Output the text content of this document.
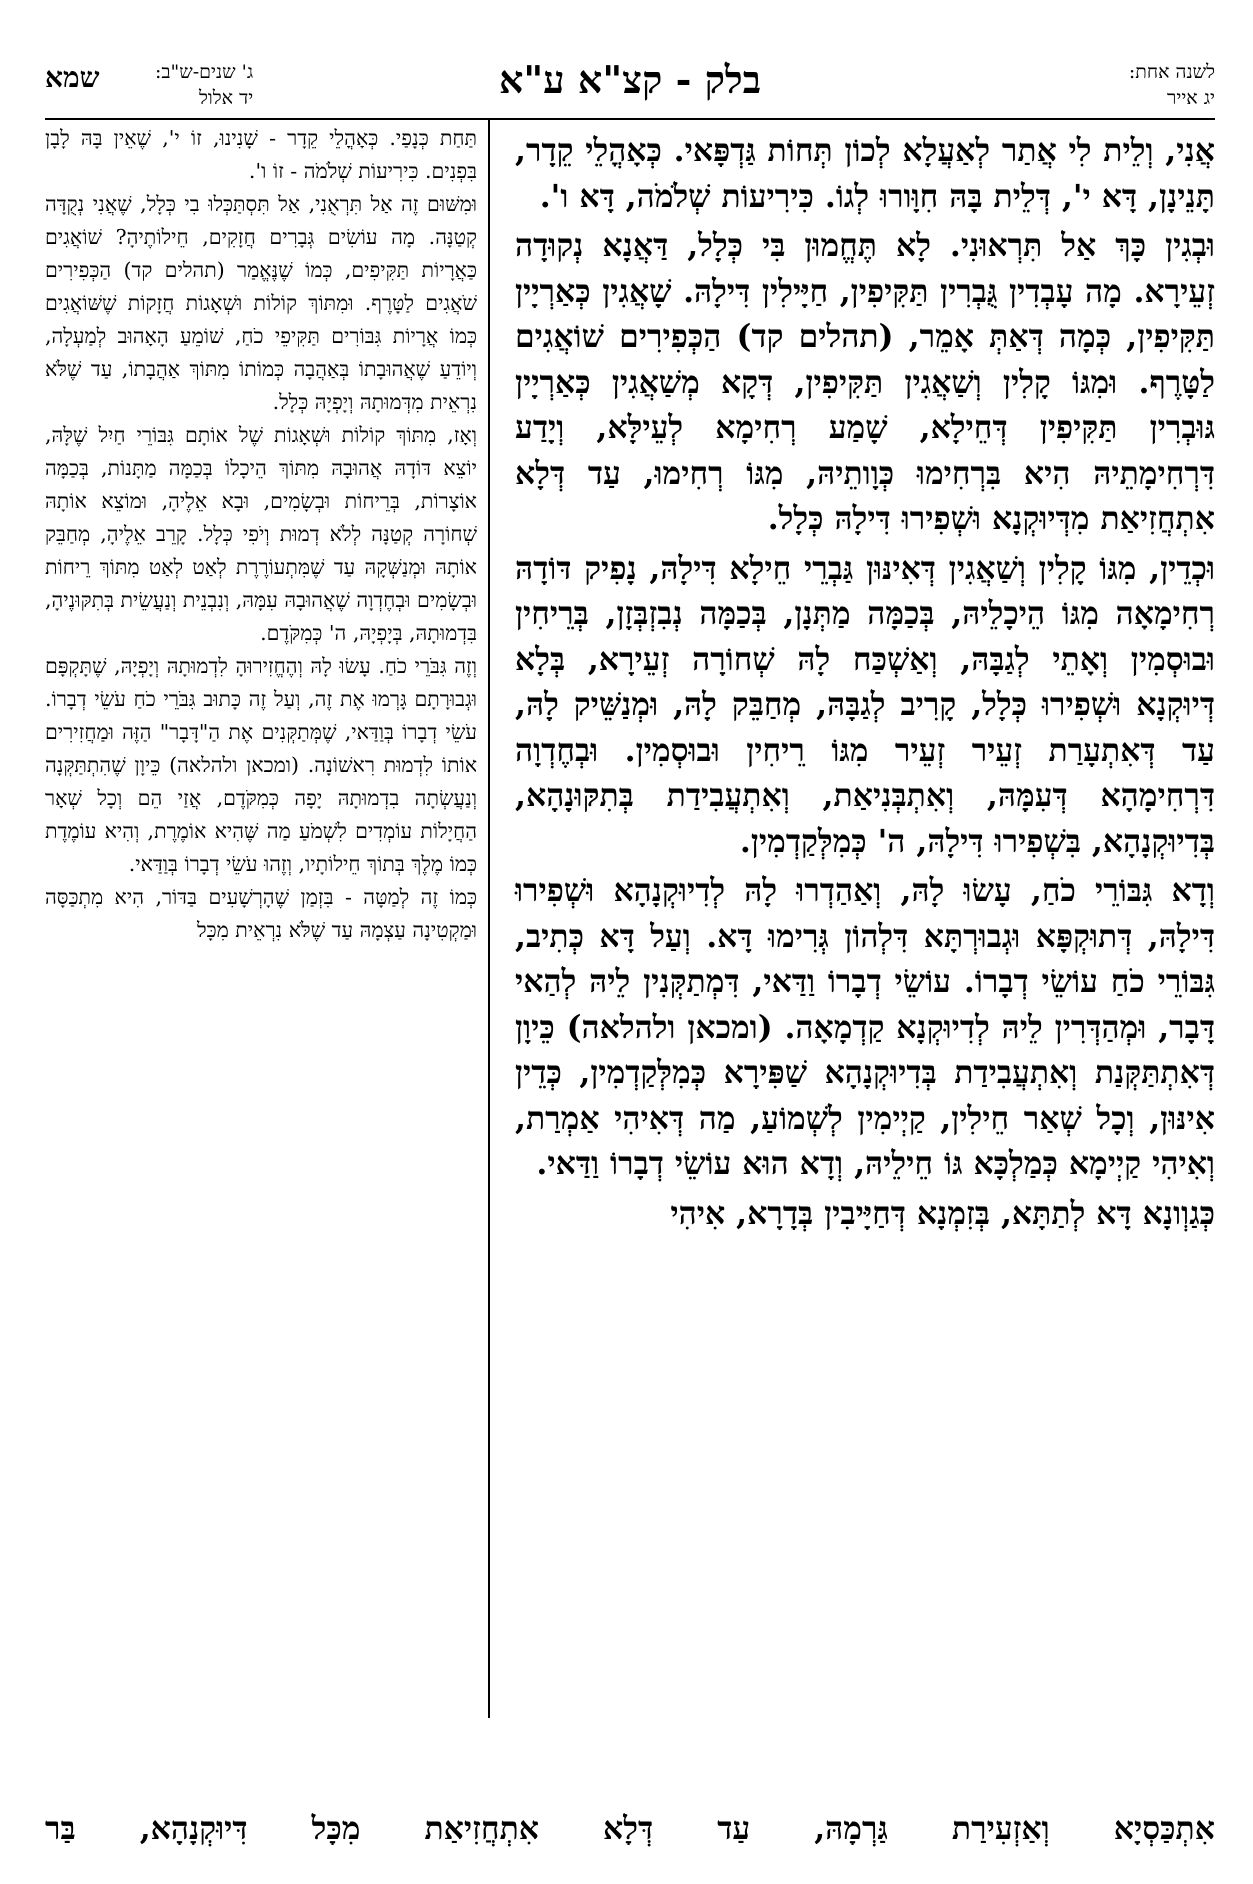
לשנה אחת:
יג אייר
בלק - קצ"א ע"א
ג' שנים-ש"ב:
יד אלול
שמא

אֲנִי, וְלֵית לִי אֲתַר לְאַעֲלָא לְכוֹן תְּחוֹת גַּדְפָּאי. כְּאָהֳלֵי קֵדָר, תָּנֵינָן, דָּא י', דְּלֵית בָּהּ חִוָּורוּ לְגוֹ. כִּירִיעוֹת שְׁלֹמֹה, דָּא ו'.

וּבְגִין כָּךְ אַל תִּרְאוּנִי. לָא תֶּחֱמוּן בִּי כְּלָל, דַּאֲנָא נְקוּדָה זְעֵירָא. מָה עָבְדִין גֻּבְרִין תַּקִּיפִין, חַיָּילִין דִּילָהּ. שָׁאֲגִין כְּאַרְיָין תַּקִּיפִין, כְּמָה דְּאַתְּ אָמֵר, (תהלים קד) הַכְּפִירִים שׁוֹאֲגִים לַטָּרֶף. וּמִגּוֹ קָלִין וְשַׁאֲגִין תַּקִּיפִין, דְּקָא מְשַׁאֲגִין כְּאַרְיָין גּוּבְרִין תַּקִּיפִין דְּחֵילָא, שָׁמַע רְחִימָא לְעֵילָּא, וְיָדַע דִּרְחִימָתֵיהּ הִיא בִּרְחִימוּ כְּוָותֵיהּ, מִגּוֹ רְחִימוּ, עַד דְּלָא אִתְחֲזִיאַת מִדְּיוּקְנָא וּשְׁפִירוּ דִּילָהּ כְּלָל.

וּכְדֵין, מִגּוֹ קָלִין וְשַׁאֲגִין דְּאִינּוּן גַּבְרֵי חֵילָא דִּילָהּ, נָפִיק דּוֹדָהּ רְחִימָאָה מִגּוֹ הֵיכָלֵיהּ, בְּכַמָּה מַתְּנָן, בְּכַמָּה נְבִזְבְּזָן, בְּרֵיחִין וּבוּסְמִין וְאָתֵי לְגַבָּהּ, וְאַשְׁכַּח לָהּ שְׁחוֹרָה זְעֵירָא, בְּלָא דְּיוּקְנָא וּשְׁפִירוּ כְּלָל, קָרִיב לְגַבָּהּ, מְחַבֵּק לָהּ, וּמְנַשֵּׁיק לָהּ, עַד דְּאִתְעָרַת זְעֵיר זְעֵיר מִגּוֹ רֵיחִין וּבוּסְמִין. וּבְחֶדְוָה דִּרְחִימָהָא דְּעִמָּהּ, וְאִתְבְּנִיאַת, וְאִתְעֲבִידַת בְּתִקּוּנָהָא, בְּדִיוּקְנָהָא, בִּשְׁפִירוּ דִּילָהּ, ה' כְּמִלְּקַדְמִין.

וְדָא גִּבּוֹרֵי כֹחַ, עָשׂוּ לָהּ, וְאַהַדְרוּ לָהּ לְדִיוּקְנָהָא וּשְׁפִירוּ דִּילָהּ, דְּתוּקְפָּא וּגְבוּרְתָּא דִּלְהוֹן גְּרִימוּ דָּא. וְעַל דָּא כְּתִיב, גִּבּוֹרֵי כֹחַ עוֹשֵׂי דְבָרוֹ. עוֹשֵׂי דְבָרוֹ וַדַּאי, דִּמְתַקְּנִין לֵיהּ לְהַאי דָּבָר, וּמְהַדְּרִין לֵיהּ לְדִיוּקְנָא קַדְמָאָה. (ומכאן ולהלאה) כֵּיוָן דְּאִתְתַּקְּנַת וְאִתְעֲבִידַת בְּדִיוּקְנָהָא שַׁפִּירָא כְּמִלְּקַדְמִין, כְּדֵין אִינּוּן, וְכָל שְׁאַר חֵילִין, קַיְימִין לְשְׁמוֹעַ, מַה דְּאִיהִי אַמְרַת, וְאִיהִי קַיְימָא כְּמַלְכָּא גּוֹ חֵילֵיהּ, וְדָא הוּא עוֹשֵׂי דְבָרוֹ וַדַּאי.

כְּגַוְונָא דָּא לְתַתָּא, בְּזִמְנָא דְּחַיָּיבִין בְּדָרָא, אִיהִי

תַּחַת כְּנָפַי. כְּאָהֳלֵי קֵדָר - שָׁנִינוּ, זוֹ י', שֶׁאֵין בָּהּ לָבָן בִּפְנִים. כִּירִיעוֹת שְׁלֹמֹה - זוֹ ו'.

וּמִשּׁוּם זֶה אַל תִּרְאֻנִי, אַל תִּסְתַּכְּלוּ בִי כְּלָל, שֶׁאֲנִי נְקֻדָּה קְטַנָּה. מָה עוֹשִׂים גְּבָרִים חֲזָקִים, חֵילוֹתֶיהָ? שׁוֹאֲגִים כַּאֲרָיוֹת תַּקִּיפִים, כְּמוֹ שֶׁנֶּאֱמַר (תהלים קד) הַכְּפִירִים שֹׁאֲגִים לַטָּרֶף. וּמִתּוֹךְ קוֹלוֹת וּשְׁאָגוֹת חֲזָקוֹת שֶׁשּׁוֹאֲגִים כְּמוֹ אֲרָיוֹת גִּבּוֹרִים תַּקִּיפֵי כֹחַ, שׁוֹמֵעַ הָאָהוּב לְמַעְלָה, וְיוֹדֵעַ שֶׁאֲהוּבָתוֹ בְּאַהֲבָה כְּמוֹתוֹ מִתּוֹךְ אַהֲבָתוֹ, עַד שֶׁלֹּא נִרְאֵית מִדְּמוּתָהּ וְיָפְיָהּ כְּלָל.

וְאָז, מִתּוֹךְ קוֹלוֹת וּשְׁאָגוֹת שֶׁל אוֹתָם גִּבּוֹרֵי חַיִל שֶׁלָּהּ, יוֹצֵא דּוֹדָהּ אֲהוּבָהּ מִתּוֹךְ הֵיכָלוֹ בְּכַמָּה מַתָּנוֹת, בְּכַמָּה אוֹצָרוֹת, בְּרֵיחוֹת וּבְשָׂמִים, וּבָא אֵלֶיהָ, וּמוֹצֵא אוֹתָהּ שְׁחוֹרָה קְטַנָּה לְלֹא דְמוּת וְיֹפִי כְּלָל. קָרֵב אֵלֶיהָ, מְחַבֵּק אוֹתָהּ וּמְנַשְּׁקָהּ עַד שֶׁמִּתְעוֹרֶרֶת לְאַט לְאַט מִתּוֹךְ רֵיחוֹת וּבְשָׂמִים וּבְחֶדְוָה שֶׁאֲהוּבָהּ עִמָּהּ, וְנִבְנֵית וְנַעֲשֵׂית בְּתִקּוּנֶיהָ, בִּדְמוּתָהּ, בְּיָפְיָהּ, ה' כְּמִקֹּדֶם.

וְזֶה גִּבֹּרֵי כֹחַ. עָשׂוּ לָהּ וְהֶחֱזִירוּהָ לִדְמוּתָהּ וְיָפְיָהּ, שֶׁתָּקְפָּם וּגְבוּרָתָם גָּרְמוּ אֶת זֶה, וְעַל זֶה כָּתוּב גִּבֹּרֵי כֹחַ עֹשֵׂי דְבָרוֹ. עֹשֵׂי דְבָרוֹ בְּוַדַּאי, שֶׁמְּתַקְּנִים אֶת הַ"דָּבָר" הַזֶּה וּמַחֲזִירִים אוֹתוֹ לִדְמוּת רִאשׁוֹנָה. (ומכאן ולהלאה) כֵּיוָן שֶׁהִתְתַּקְּנָה וְנַעֲשְׂתָה בִדְמוּתָהּ יָפָה כְּמִקֹּדֶם, אֲזַי הֵם וְכָל שְׁאָר הַחֲיָלוֹת עוֹמְדִים לִשְׁמֹעַ מַה שֶּׁהִיא אוֹמֶרֶת, וְהִיא עוֹמֶדֶת כְּמוֹ מֶלֶךְ בְּתוֹךְ חֵילוֹתָיו, וְזֶהוּ עֹשֵׂי דְבָרוֹ בְּוַדַּאי.

כְּמוֹ זֶה לְמַטָּה - בִּזְמַן שֶׁהָרְשָׁעִים בַּדּוֹר, הִיא מִתְכַּסָּה וּמַקְטִינָה עַצְמָהּ עַד שֶׁלֹּא נִרְאֵית מִכָּל

אִתְכַּסְיָא וְאַזְעִירַת גַּרְמָהּ, עַד דְּלָא אִתְחֲזִיאַת מִכָּל דִּיוּקְנָהָא, בַּר
